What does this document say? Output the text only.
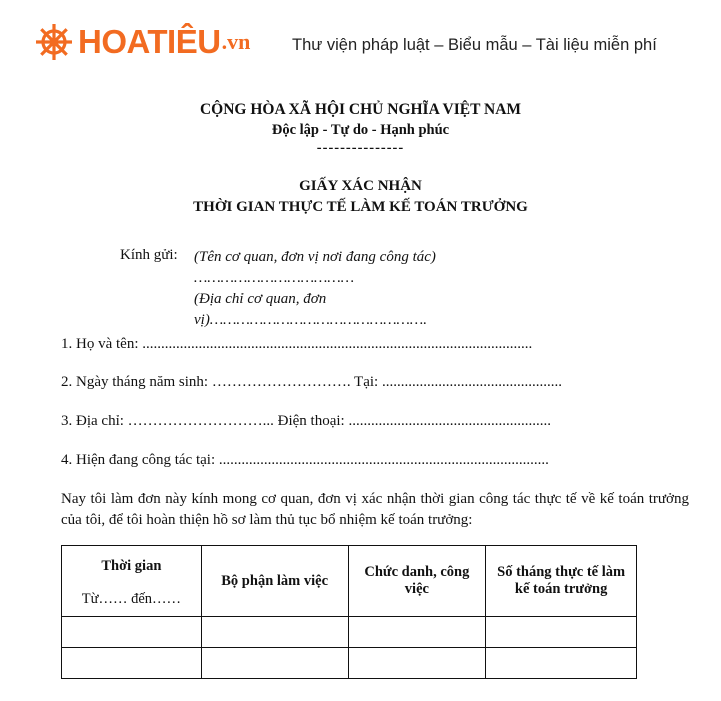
HOATIÊU .vn	Thư viện pháp luật – Biểu mẫu – Tài liệu miễn phí
CỘNG HÒA XÃ HỘI CHỦ NGHĨA VIỆT NAM
Độc lập - Tự do - Hạnh phúc
---------------
GIẤY XÁC NHẬN
THỜI GIAN THỰC TẾ LÀM KẾ TOÁN TRƯỞNG
Kính gửi: (Tên cơ quan, đơn vị nơi đang công tác) ………………………………
(Địa chỉ cơ quan, đơn vị)………………………………………….
1. Họ và tên: ........................................................................................................
2. Ngày tháng năm sinh: ………………………. Tại: ................................................
3. Địa chỉ: ………………………... Điện thoại: ......................................................
4. Hiện đang công tác tại: ........................................................................................
Nay tôi làm đơn này kính mong cơ quan, đơn vị xác nhận thời gian công tác thực tế về kế toán trưởng của tôi, để tôi hoàn thiện hồ sơ làm thủ tục bổ nhiệm kế toán trưởng:
Thời gian
Từ…… đến……	Bộ phận làm việc	Chức danh, công việc	Số tháng thực tế làm kế toán trưởng
